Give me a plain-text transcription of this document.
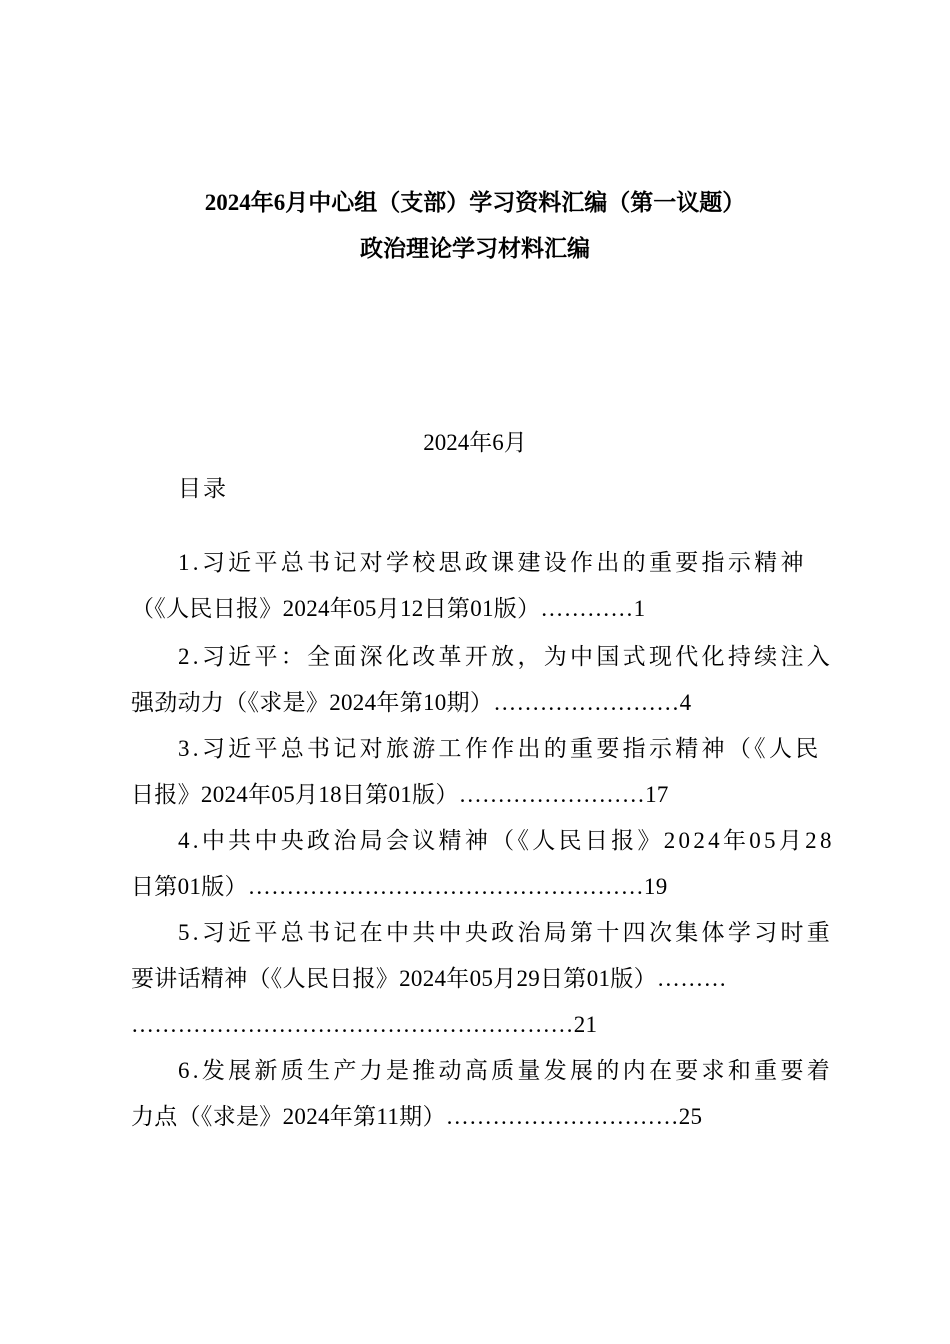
2024年6月中心组（支部）学习资料汇编（第一议题）
政治理论学习材料汇编
2024年6月
目录
1.习近平总书记对学校思政课建设作出的重要指示精神
（《人民日报》2024年05月12日第01版）…………1
2.习近平：全面深化改革开放，为中国式现代化持续注入
强劲动力（《求是》2024年第10期）……………………4
3.习近平总书记对旅游工作作出的重要指示精神（《人民
日报》2024年05月18日第01版）……………………17
4.中共中央政治局会议精神（《人民日报》2024年05月28
日第01版）……………………………………………19
5.习近平总书记在中共中央政治局第十四次集体学习时重
要讲话精神（《人民日报》2024年05月29日第01版）………
…………………………………………………21
6.发展新质生产力是推动高质量发展的内在要求和重要着
力点（《求是》2024年第11期）…………………………25
